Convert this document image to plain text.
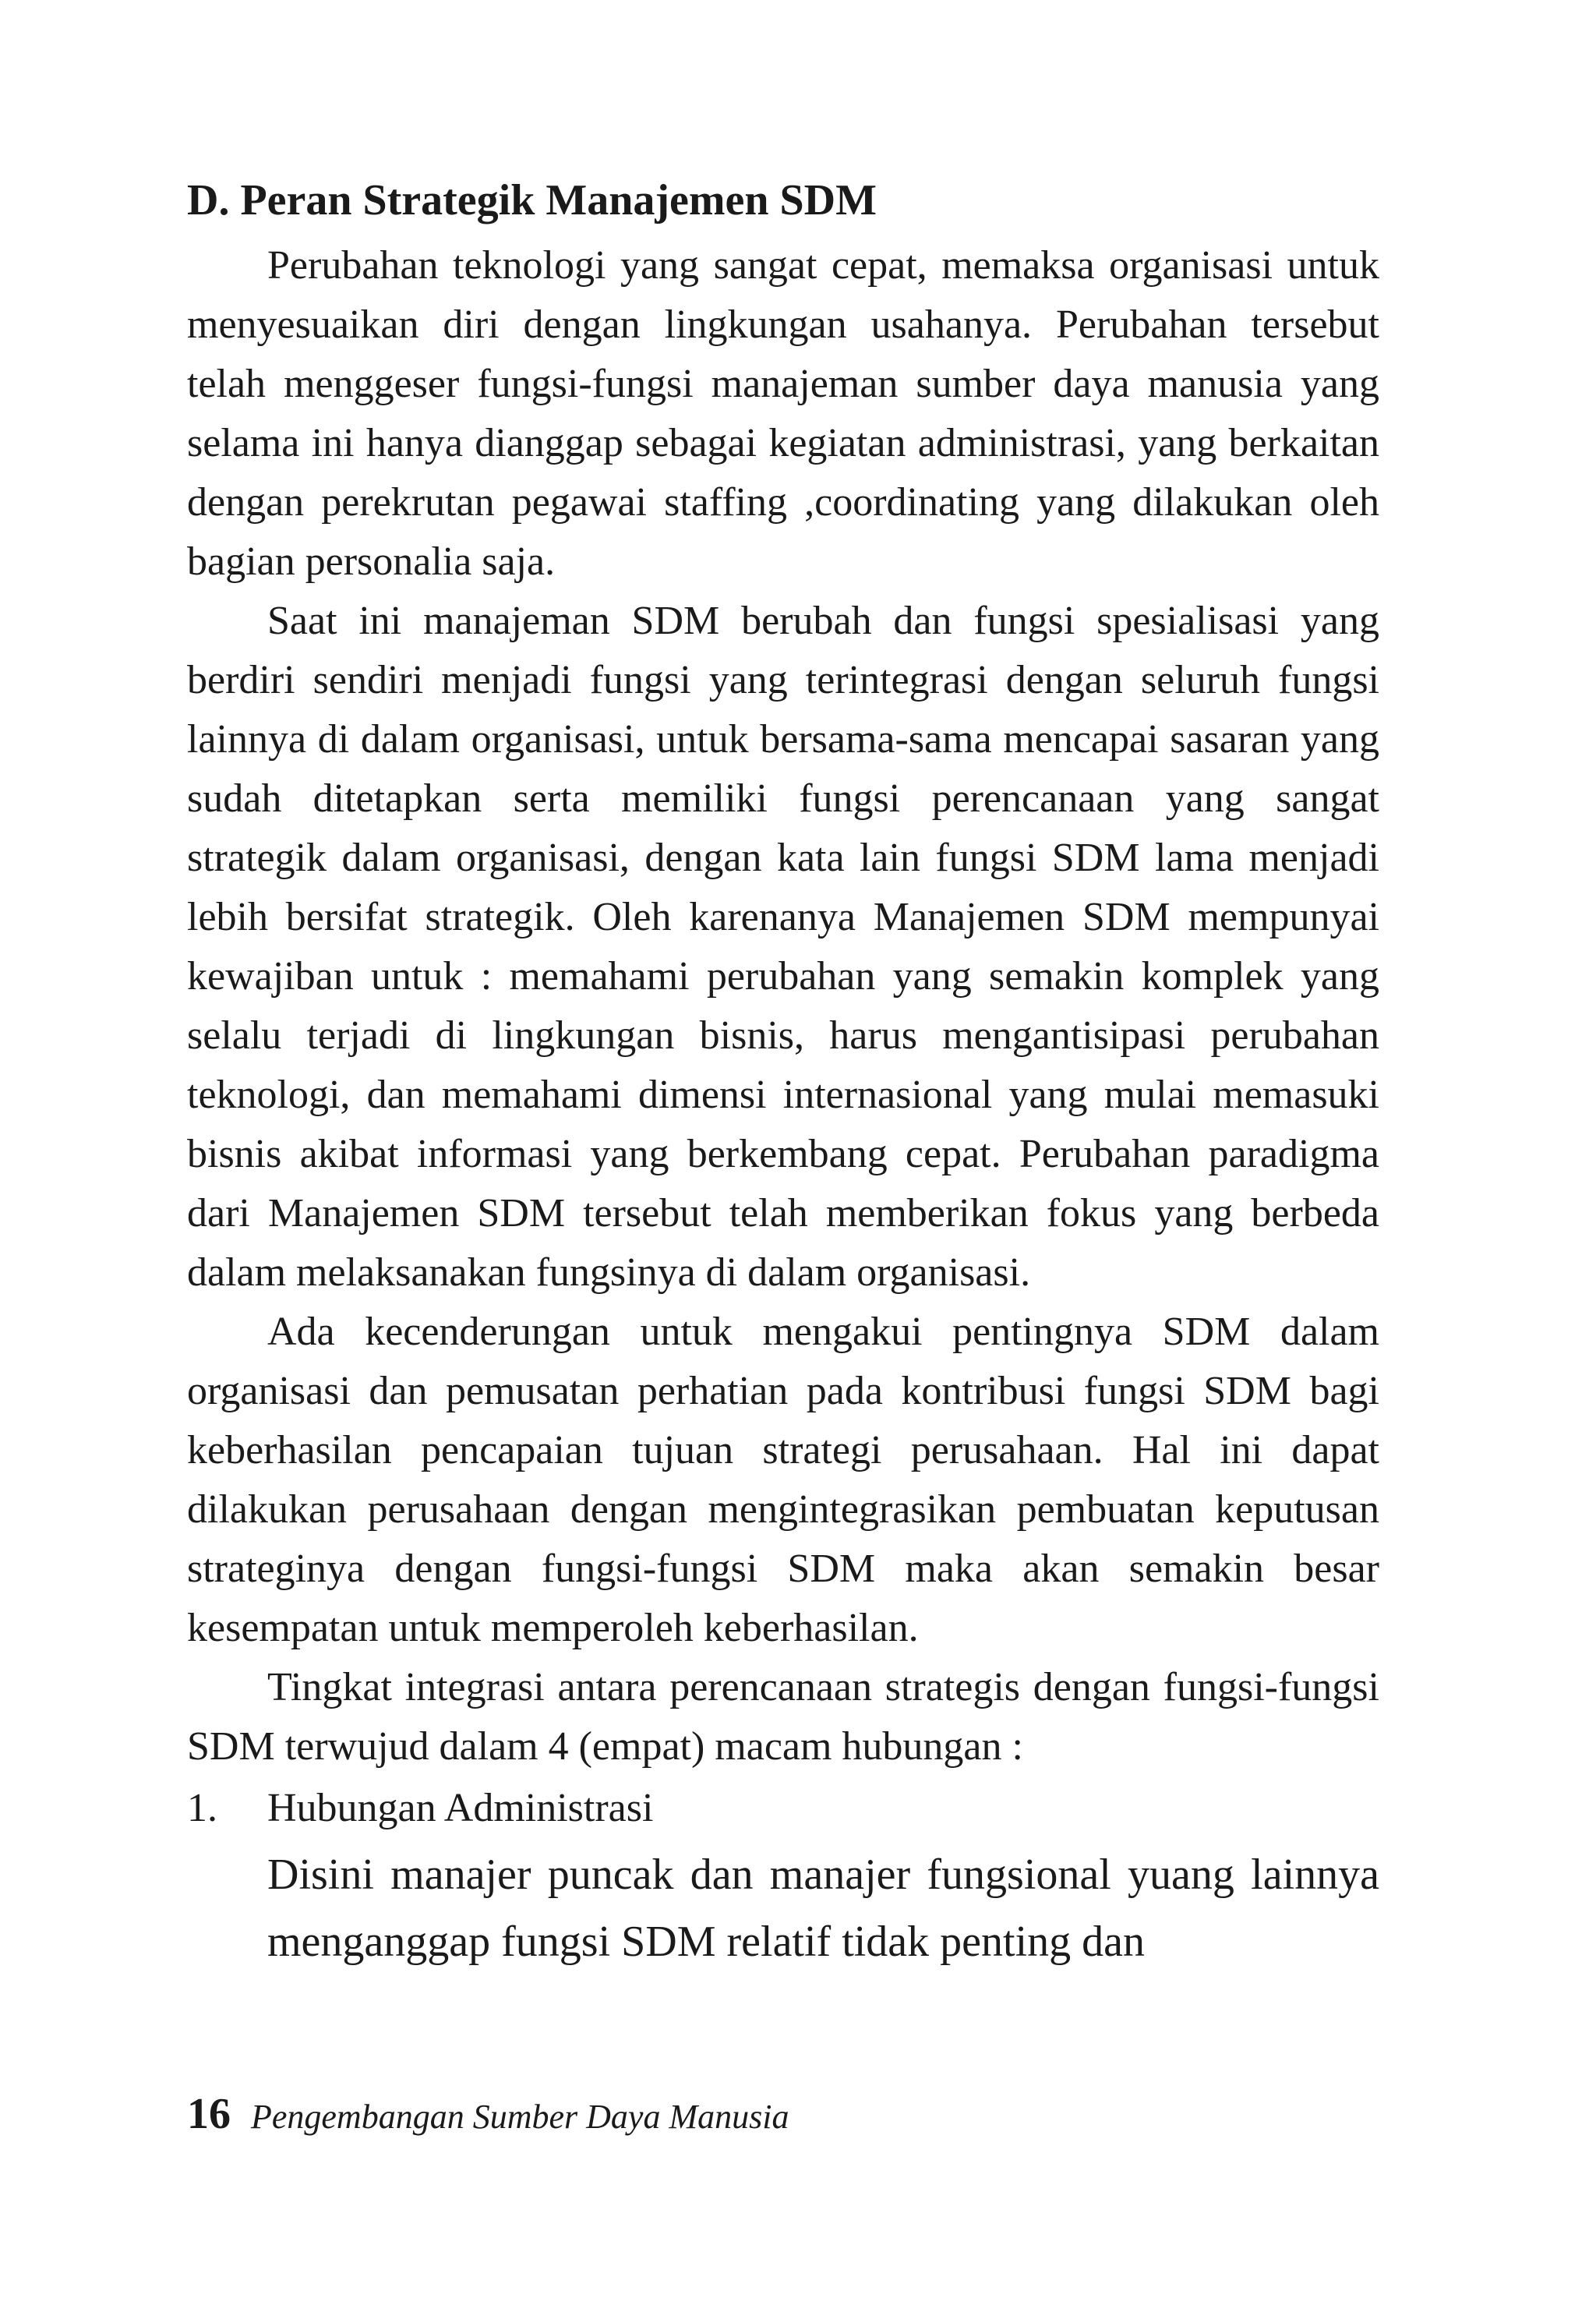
D. Peran Strategik Manajemen SDM

Perubahan teknologi yang sangat cepat, memaksa organisasi untuk menyesuaikan diri dengan lingkungan usahanya. Perubahan tersebut telah menggeser fungsi-fungsi manajeman sumber daya manusia yang selama ini hanya dianggap sebagai kegiatan administrasi, yang berkaitan dengan perekrutan pegawai staffing ,coordinating yang dilakukan oleh bagian personalia saja.

Saat ini manajeman SDM berubah dan fungsi spesialisasi yang berdiri sendiri menjadi fungsi yang terintegrasi dengan seluruh fungsi lainnya di dalam organisasi, untuk bersama-sama mencapai sasaran yang sudah ditetapkan serta memiliki fungsi perencanaan yang sangat strategik dalam organisasi, dengan kata lain fungsi SDM lama menjadi lebih bersifat strategik. Oleh karenanya Manajemen SDM mempunyai kewajiban untuk : memahami perubahan yang semakin komplek yang selalu terjadi di lingkungan bisnis, harus mengantisipasi perubahan teknologi, dan memahami dimensi internasional yang mulai memasuki bisnis akibat informasi yang berkembang cepat. Perubahan paradigma dari Manajemen SDM tersebut telah memberikan fokus yang berbeda dalam melaksanakan fungsinya di dalam organisasi.

Ada kecenderungan untuk mengakui pentingnya SDM dalam organisasi dan pemusatan perhatian pada kontribusi fungsi SDM bagi keberhasilan pencapaian tujuan strategi perusahaan. Hal ini dapat dilakukan perusahaan dengan mengintegrasikan pembuatan keputusan strateginya dengan fungsi-fungsi SDM maka akan semakin besar kesempatan untuk memperoleh keberhasilan.

Tingkat integrasi antara perencanaan strategis dengan fungsi-fungsi SDM terwujud dalam 4 (empat) macam hubungan :

1.	Hubungan Administrasi
Disini manajer puncak dan manajer fungsional yuang lainnya menganggap fungsi SDM relatif tidak penting dan
16 Pengembangan Sumber Daya Manusia
